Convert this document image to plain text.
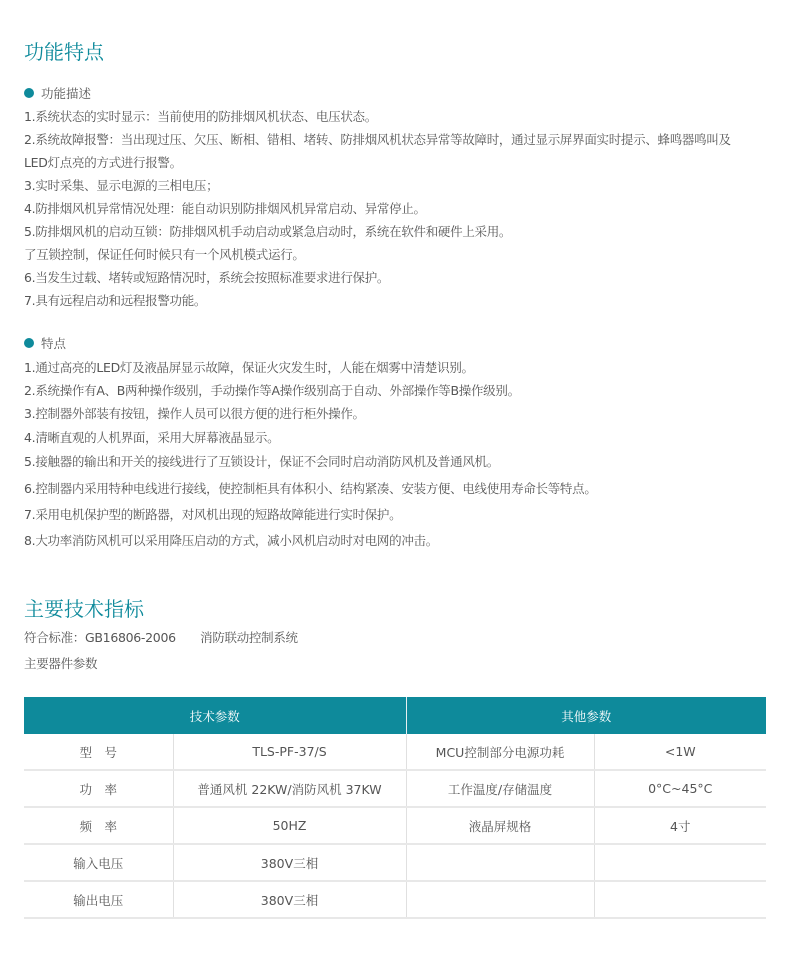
功能特点
功能描述
1.系统状态的实时显示：当前使用的防排烟风机状态、电压状态。
2.系统故障报警：当出现过压、欠压、断相、错相、堵转、防排烟风机状态异常等故障时，通过显示屏界面实时提示、蜂鸣器鸣叫及
LED灯点亮的方式进行报警。
3.实时采集、显示电源的三相电压；
4.防排烟风机异常情况处理：能自动识别防排烟风机异常启动、异常停止。
5.防排烟风机的启动互锁：防排烟风机手动启动或紧急启动时，系统在软件和硬件上采用。
了互锁控制，保证任何时候只有一个风机模式运行。
6.当发生过载、堵转或短路情况时，系统会按照标准要求进行保护。
7.具有远程启动和远程报警功能。
特点
1.通过高亮的LED灯及液晶屏显示故障，保证火灾发生时，人能在烟雾中清楚识别。
2.系统操作有A、B两种操作级别，手动操作等A操作级别高于自动、外部操作等B操作级别。
3.控制器外部装有按钮，操作人员可以很方便的进行柜外操作。
4.清晰直观的人机界面，采用大屏幕液晶显示。
5.接触器的输出和开关的接线进行了互锁设计，保证不会同时启动消防风机及普通风机。
6.控制器内采用特种电线进行接线，使控制柜具有体积小、结构紧凑、安装方便、电线使用寿命长等特点。
7.采用电机保护型的断路器，对风机出现的短路故障能进行实时保护。
8.大功率消防风机可以采用降压启动的方式，减小风机启动时对电网的冲击。
主要技术指标
符合标准：GB16806-2006　　消防联动控制系统
主要器件参数
技术参数		其他参数	
型　号	TLS-PF-37/S	MCU控制部分电源功耗	<1W
功　率	普通风机 22KW/消防风机 37KW	工作温度/存储温度	0°C~45°C
频　率	50HZ	液晶屏规格	4寸
输入电压	380V三相		
输出电压	380V三相		
